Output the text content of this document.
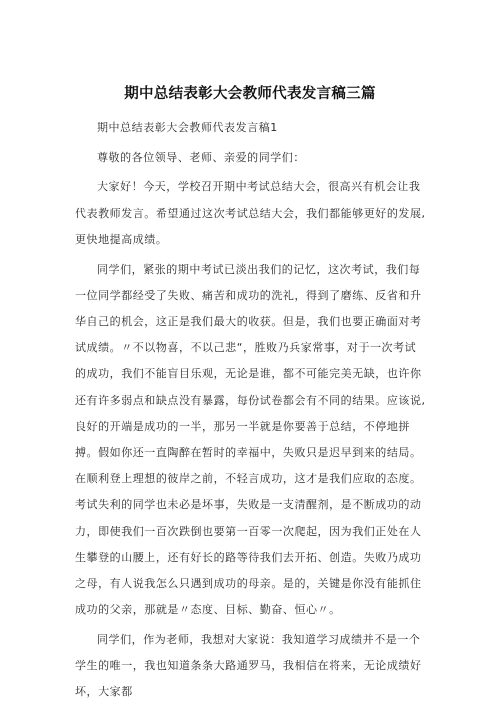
期中总结表彰大会教师代表发言稿三篇

期中总结表彰大会教师代表发言稿1

尊敬的各位领导、老师、亲爱的同学们：

大家好！今天，学校召开期中考试总结大会，很高兴有机会让我代表教师发言。希望通过这次考试总结大会，我们都能够更好的发展,更快地提高成绩。

同学们，紧张的期中考试已淡出我们的记忆，这次考试，我们每一位同学都经受了失败、痛苦和成功的洗礼，得到了磨练、反省和升华自己的机会，这正是我们最大的收获。但是，我们也要正确面对考试成绩。〃不以物喜，不以己悲“，胜败乃兵家常事，对于一次考试的成功，我们不能盲目乐观，无论是谁，都不可能完美无缺，也许你还有许多弱点和缺点没有暴露，每份试卷都会有不同的结果。应该说,良好的开端是成功的一半，那另一半就是你要善于总结，不停地拼搏。假如你还一直陶醉在暂时的幸福中，失败只是迟早到来的结局。在顺利登上理想的彼岸之前，不轻言成功，这才是我们应取的态度。考试失利的同学也未必是坏事，失败是一支清醒剂，是不断成功的动力，即使我们一百次跌倒也要第一百零一次爬起，因为我们正处在人生攀登的山腰上，还有好长的路等待我们去开拓、创造。失败乃成功之母，有人说我怎么只遇到成功的母亲。是的，关键是你没有能抓住成功的父亲，那就是〃态度、目标、勤奋、恒心〃。

同学们，作为老师，我想对大家说：我知道学习成绩并不是一个学生的唯一，我也知道条条大路通罗马，我相信在将来，无论成绩好坏，大家都
